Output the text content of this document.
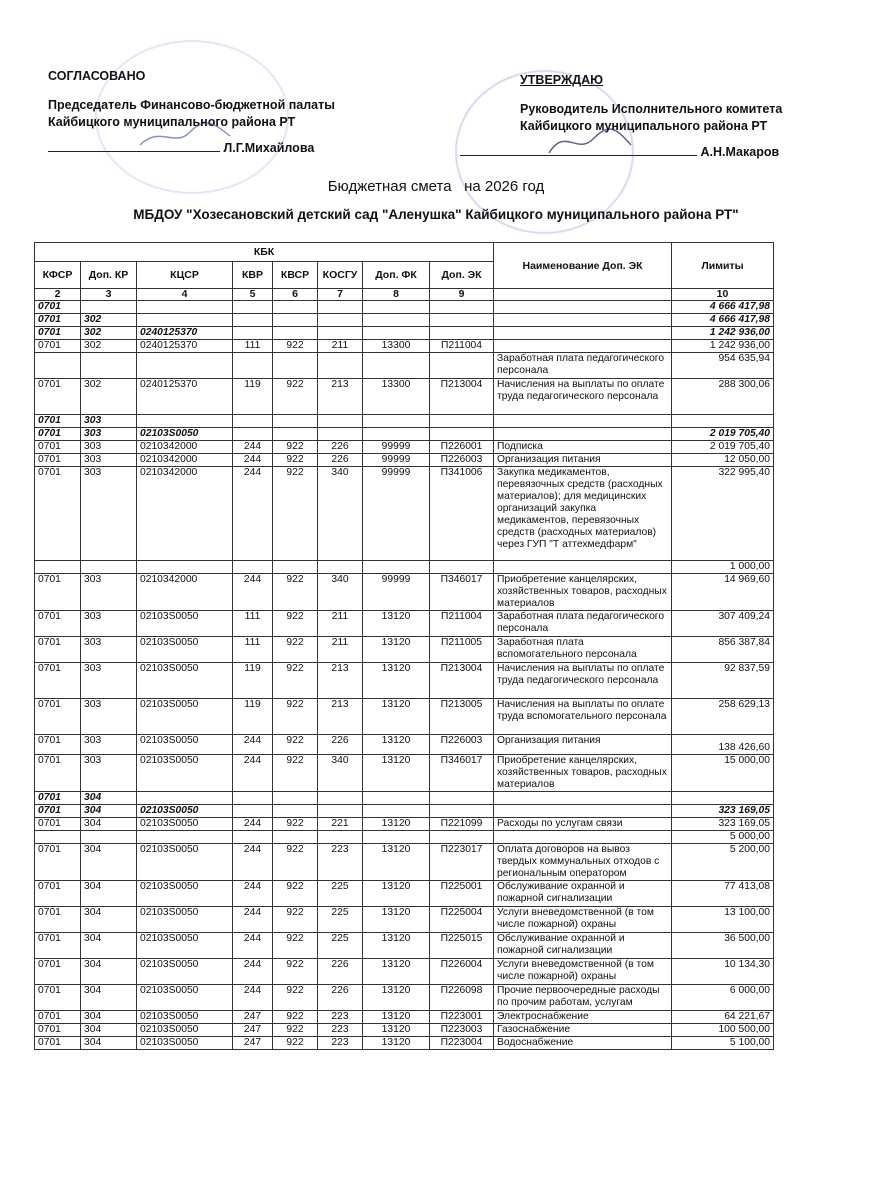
СОГЛАСОВАНО
Председатель Финансово-бюджетной палаты
Кайбицкого муниципального района РТ
Л.Г.Михайлова
УТВЕРЖДАЮ
Руководитель Исполнительного комитета
Кайбицкого муниципального района РТ
А.Н.Макаров
Бюджетная смета   на 2026 год
МБДОУ "Хозесановский детский сад "Аленушка" Кайбицкого муниципального района РТ"
КБК								Наименование Доп. ЭК	Лимиты
КФСР	Доп. КР	КЦСР	КВР	КВСР	КОСГУ	Доп. ФК	Доп. ЭК		
2	3	4	5	6	7	8	9		10
0701									4 666 417,98
0701	302								4 666 417,98
0701	302	0240125370							1 242 936,00
0701	302	0240125370	111	922	211	13300	П211004		1 242 936,00
								Заработная плата педагогического персонала	954 635,94
0701	302	0240125370	119	922	213	13300	П213004	Начисления на выплаты по оплате труда педагогического персонала	288 300,06
0701	303								
0701	303	02103S0050							2 019 705,40
0701	303	0210342000	244	922	226	99999	П226001	Подписка	2 019 705,40
0701	303	0210342000	244	922	226	99999	П226003	Организация питания	12 050,00
0701	303	0210342000	244	922	340	99999	П341006	Закупка медикаментов, перевязочных средств (расходных материалов); для медицинских организаций закупка медикаментов, перевязочных средств (расходных материалов) через ГУП "Т аттехмедфарм"	322 995,40
									1 000,00
0701	303	0210342000	244	922	340	99999	П346017	Приобретение канцелярских, хозяйственных товаров, расходных материалов	14 969,60
0701	303	02103S0050	111	922	211	13120	П211004	Заработная плата педагогического персонала	307 409,24
0701	303	02103S0050	111	922	211	13120	П211005	Заработная плата вспомогательного персонала	856 387,84
0701	303	02103S0050	119	922	213	13120	П213004	Начисления на выплаты по оплате труда педагогического персонала	92 837,59
0701	303	02103S0050	119	922	213	13120	П213005	Начисления на выплаты по оплате труда вспомогательного персонала	258 629,13
0701	303	02103S0050	244	922	226	13120	П226003	Организация питания	138 426,60
0701	303	02103S0050	244	922	340	13120	П346017	Приобретение канцелярских, хозяйственных товаров, расходных материалов	15 000,00
0701	304								
0701	304	02103S0050							323 169,05
0701	304	02103S0050	244	922	221	13120	П221099	Расходы по услугам связи	323 169,05
									5 000,00
0701	304	02103S0050	244	922	223	13120	П223017	Оплата договоров на вывоз твердых коммунальных отходов с региональным оператором	5 200,00
0701	304	02103S0050	244	922	225	13120	П225001	Обслуживание охранной и пожарной сигнализации	77 413,08
0701	304	02103S0050	244	922	225	13120	П225004	Услуги вневедомственной (в том числе пожарной) охраны	13 100,00
0701	304	02103S0050	244	922	225	13120	П225015	Обслуживание охранной и пожарной сигнализации	36 500,00
0701	304	02103S0050	244	922	226	13120	П226004	Услуги вневедомственной (в том числе пожарной) охраны	10 134,30
0701	304	02103S0050	244	922	226	13120	П226098	Прочие первоочередные расходы по прочим работам, услугам	6 000,00
0701	304	02103S0050	247	922	223	13120	П223001	Электроснабжение	64 221,67
0701	304	02103S0050	247	922	223	13120	П223003	Газоснабжение	100 500,00
0701	304	02103S0050	247	922	223	13120	П223004	Водоснабжение	5 100,00
